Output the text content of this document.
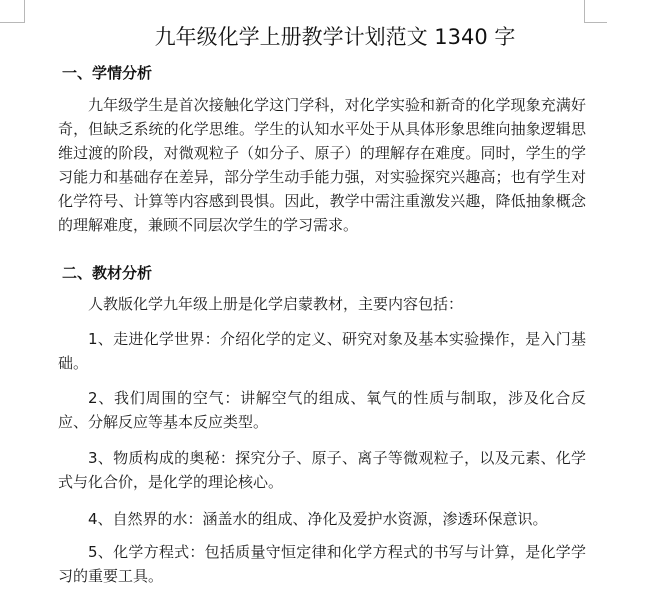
九年级化学上册教学计划范文 1340 字
一、学情分析
九年级学生是首次接触化学这门学科，对化学实验和新奇的化学现象充满好奇，但缺乏系统的化学思维。学生的认知水平处于从具体形象思维向抽象逻辑思维过渡的阶段，对微观粒子（如分子、原子）的理解存在难度。同时，学生的学习能力和基础存在差异，部分学生动手能力强，对实验探究兴趣高；也有学生对化学符号、计算等内容感到畏惧。因此，教学中需注重激发兴趣，降低抽象概念的理解难度，兼顾不同层次学生的学习需求。
二、教材分析
人教版化学九年级上册是化学启蒙教材，主要内容包括：
1、走进化学世界：介绍化学的定义、研究对象及基本实验操作，是入门基础。
2、我们周围的空气：讲解空气的组成、氧气的性质与制取，涉及化合反应、分解反应等基本反应类型。
3、物质构成的奥秘：探究分子、原子、离子等微观粒子，以及元素、化学式与化合价，是化学的理论核心。
4、自然界的水：涵盖水的组成、净化及爱护水资源，渗透环保意识。
5、化学方程式：包括质量守恒定律和化学方程式的书写与计算，是化学学习的重要工具。
